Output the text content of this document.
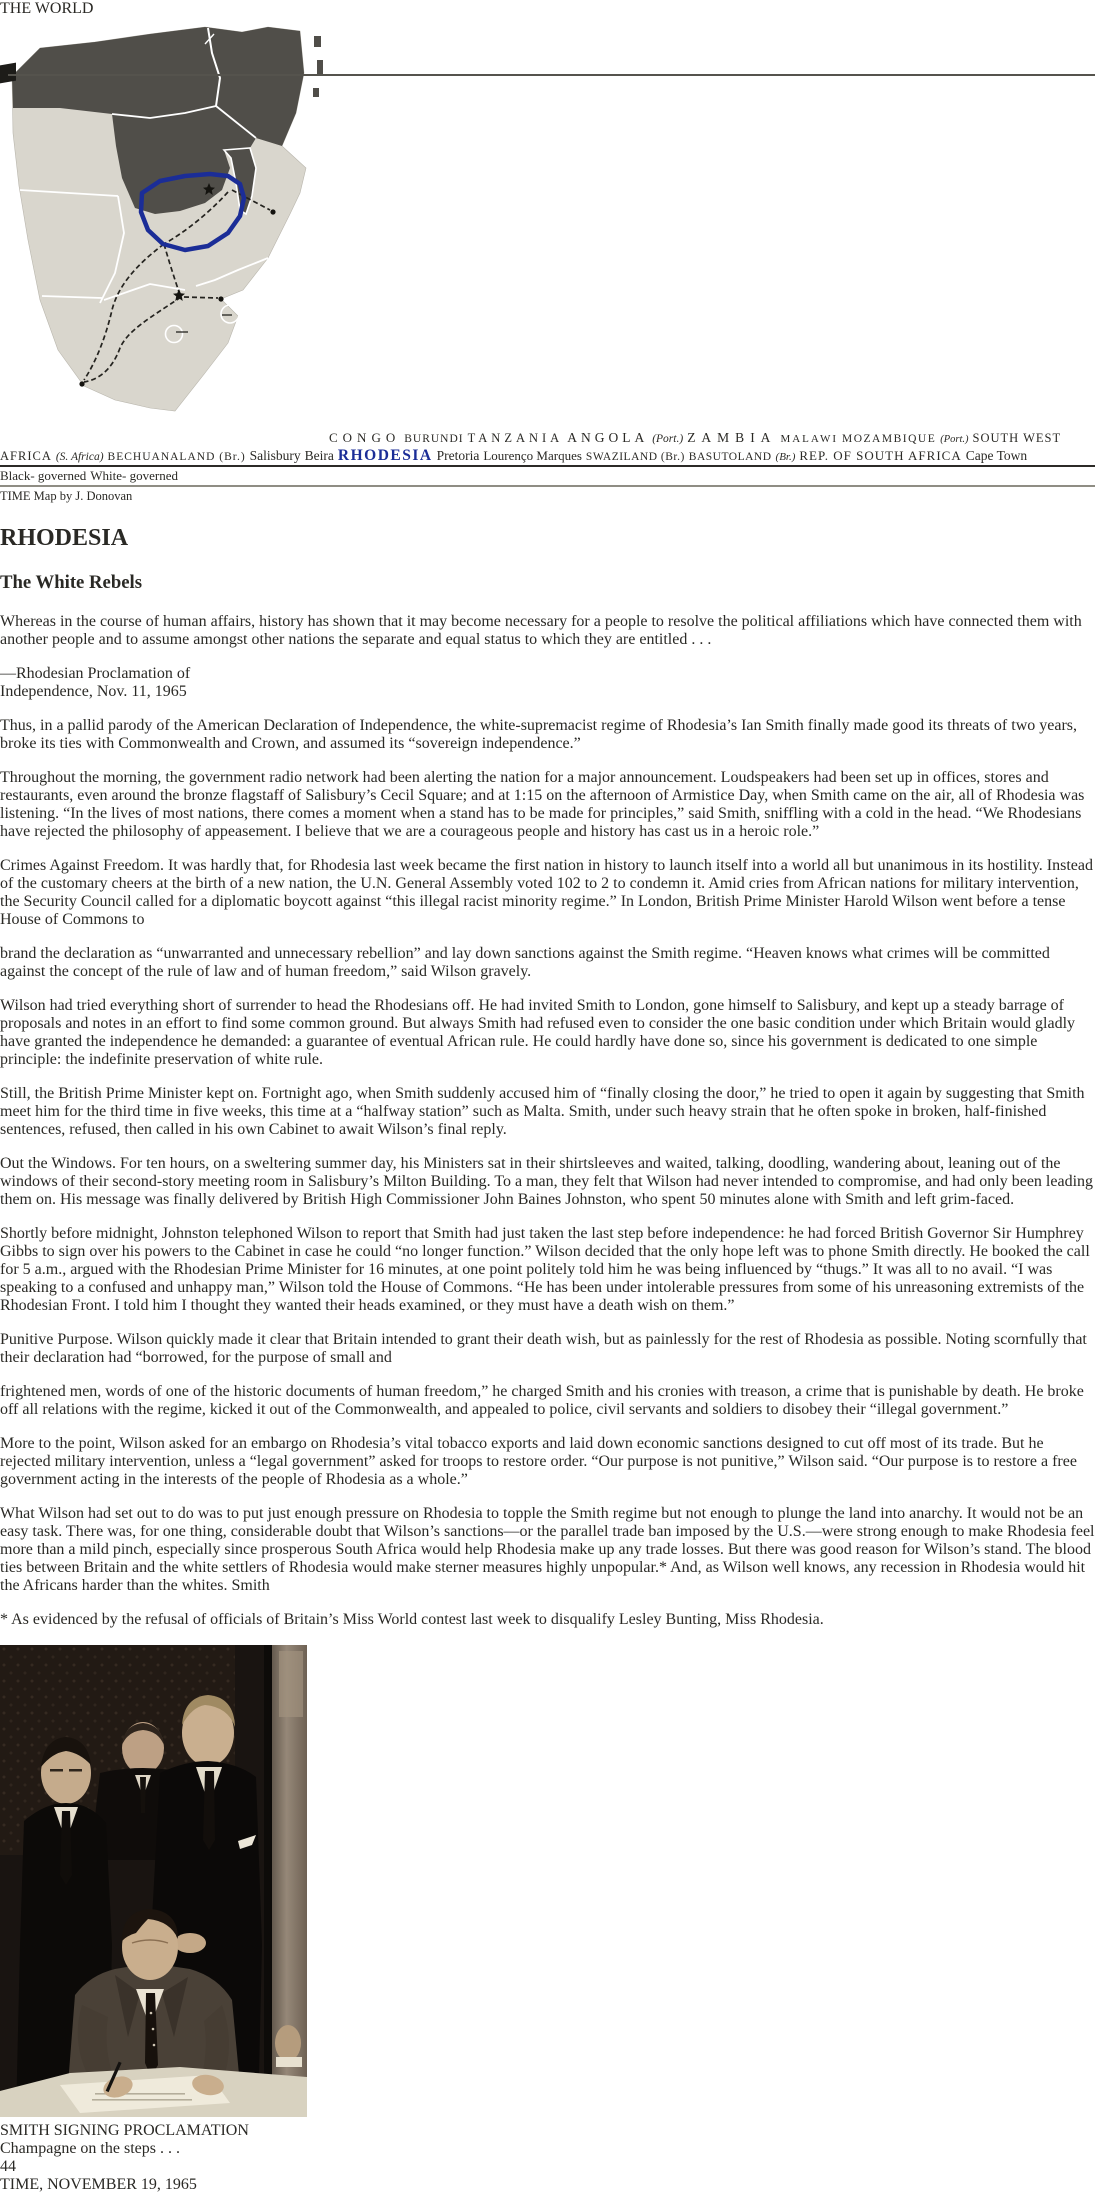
THE WORLD
CONGO BURUNDI TANZANIA ANGOLA (Port.) ZAMBIA MALAWI MOZAMBIQUE (Port.) SOUTH WEST AFRICA (S. Africa) BECHUANALAND (Br.) Salisbury Beira RHODESIA Pretoria Lourenço Marques SWAZILAND (Br.) BASUTOLAND (Br.) REP. OF SOUTH AFRICA Cape Town
Black- governed White- governed
TIME Map by J. Donovan
RHODESIA
The White Rebels

Whereas in the course of human affairs, history has shown that it may become necessary for a people to resolve the political affiliations which have connected them with another people and to assume amongst other nations the separate and equal status to which they are entitled . . .

—Rhodesian Proclamation of
Independence, Nov. 11, 1965

Thus, in a pallid parody of the American Declaration of Independence, the white-supremacist regime of Rhodesia’s Ian Smith finally made good its threats of two years, broke its ties with Commonwealth and Crown, and assumed its “sovereign independence.”

Throughout the morning, the government radio network had been alerting the nation for a major announcement. Loudspeakers had been set up in offices, stores and restaurants, even around the bronze flagstaff of Salisbury’s Cecil Square; and at 1:15 on the afternoon of Armistice Day, when Smith came on the air, all of Rhodesia was listening. “In the lives of most nations, there comes a moment when a stand has to be made for principles,” said Smith, sniffling with a cold in the head. “We Rhodesians have rejected the philosophy of appeasement. I believe that we are a courageous people and history has cast us in a heroic role.”

Crimes Against Freedom. It was hardly that, for Rhodesia last week became the first nation in history to launch itself into a world all but unanimous in its hostility. Instead of the customary cheers at the birth of a new nation, the U.N. General Assembly voted 102 to 2 to condemn it. Amid cries from African nations for military intervention, the Security Council called for a diplomatic boycott against “this illegal racist minority regime.” In London, British Prime Minister Harold Wilson went before a tense House of Commons to

brand the declaration as “unwarranted and unnecessary rebellion” and lay down sanctions against the Smith regime. “Heaven knows what crimes will be committed against the concept of the rule of law and of human freedom,” said Wilson gravely.

Wilson had tried everything short of surrender to head the Rhodesians off. He had invited Smith to London, gone himself to Salisbury, and kept up a steady barrage of proposals and notes in an effort to find some common ground. But always Smith had refused even to consider the one basic condition under which Britain would gladly have granted the independence he demanded: a guarantee of eventual African rule. He could hardly have done so, since his government is dedicated to one simple principle: the indefinite preservation of white rule.

Still, the British Prime Minister kept on. Fortnight ago, when Smith suddenly accused him of “finally closing the door,” he tried to open it again by suggesting that Smith meet him for the third time in five weeks, this time at a “halfway station” such as Malta. Smith, under such heavy strain that he often spoke in broken, half-finished sentences, refused, then called in his own Cabinet to await Wilson’s final reply.

Out the Windows. For ten hours, on a sweltering summer day, his Ministers sat in their shirtsleeves and waited, talking, doodling, wandering about, leaning out of the windows of their second-story meeting room in Salisbury’s Milton Building. To a man, they felt that Wilson had never intended to compromise, and had only been leading them on. His message was finally delivered by British High Commissioner John Baines Johnston, who spent 50 minutes alone with Smith and left grim-faced.

Shortly before midnight, Johnston telephoned Wilson to report that Smith had just taken the last step before independence: he had forced British Governor Sir Humphrey Gibbs to sign over his powers to the Cabinet in case he could “no longer function.” Wilson decided that the only hope left was to phone Smith directly. He booked the call for 5 a.m., argued with the Rhodesian Prime Minister for 16 minutes, at one point politely told him he was being influenced by “thugs.” It was all to no avail. “I was speaking to a confused and unhappy man,” Wilson told the House of Commons. “He has been under intolerable pressures from some of his unreasoning extremists of the Rhodesian Front. I told him I thought they wanted their heads examined, or they must have a death wish on them.”

Punitive Purpose. Wilson quickly made it clear that Britain intended to grant their death wish, but as painlessly for the rest of Rhodesia as possible. Noting scornfully that their declaration had “borrowed, for the purpose of small and

frightened men, words of one of the historic documents of human freedom,” he charged Smith and his cronies with treason, a crime that is punishable by death. He broke off all relations with the regime, kicked it out of the Commonwealth, and appealed to police, civil servants and soldiers to disobey their “illegal government.”

More to the point, Wilson asked for an embargo on Rhodesia’s vital tobacco exports and laid down economic sanctions designed to cut off most of its trade. But he rejected military intervention, unless a “legal government” asked for troops to restore order. “Our purpose is not punitive,” Wilson said. “Our purpose is to restore a free government acting in the interests of the people of Rhodesia as a whole.”

What Wilson had set out to do was to put just enough pressure on Rhodesia to topple the Smith regime but not enough to plunge the land into anarchy. It would not be an easy task. There was, for one thing, considerable doubt that Wilson’s sanctions—or the parallel trade ban imposed by the U.S.—were strong enough to make Rhodesia feel more than a mild pinch, especially since prosperous South Africa would help Rhodesia make up any trade losses. But there was good reason for Wilson’s stand. The blood ties between Britain and the white settlers of Rhodesia would make sterner measures highly unpopular.* And, as Wilson well knows, any recession in Rhodesia would hit the Africans harder than the whites. Smith

* As evidenced by the refusal of officials of Britain’s Miss World contest last week to disqualify Lesley Bunting, Miss Rhodesia.

SMITH SIGNING PROCLAMATION
Champagne on the steps . . .
44
TIME, NOVEMBER 19, 1965
